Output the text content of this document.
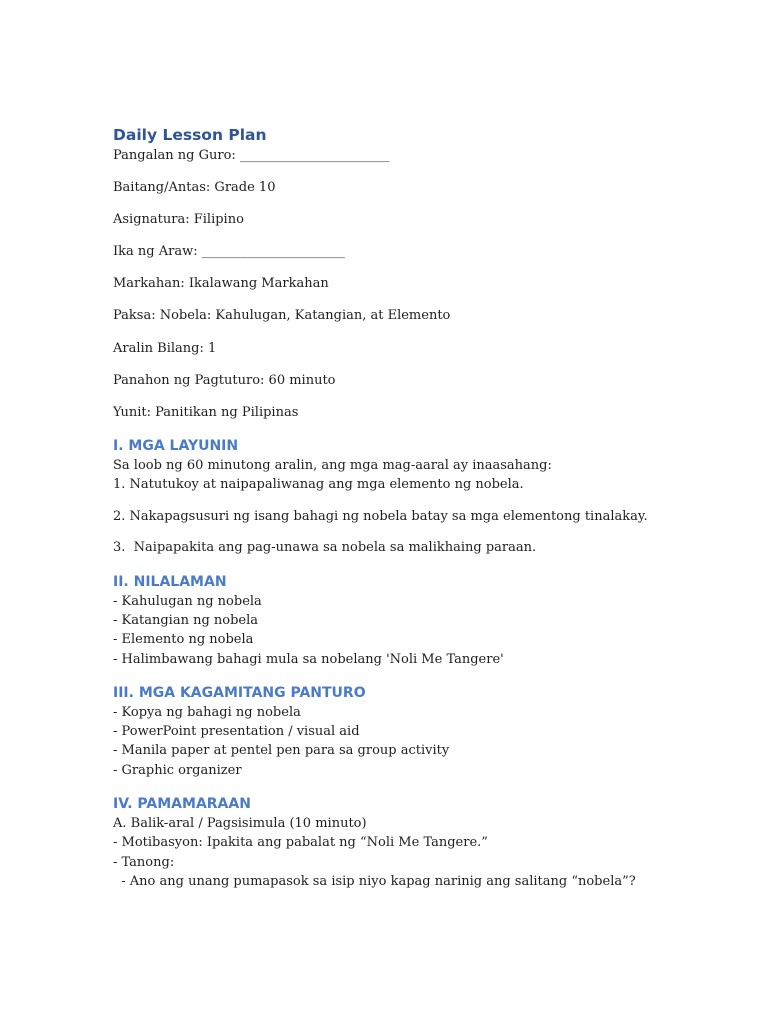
Daily Lesson Plan

Pangalan ng Guro: _______________________

Baitang/Antas: Grade 10

Asignatura: Filipino

Ika ng Araw: ______________________

Markahan: Ikalawang Markahan

Paksa: Nobela: Kahulugan, Katangian, at Elemento

Aralin Bilang: 1

Panahon ng Pagtuturo: 60 minuto

Yunit: Panitikan ng Pilipinas

I. MGA LAYUNIN

Sa loob ng 60 minutong aralin, ang mga mag-aaral ay inaasahang:

1. Natutukoy at naipapaliwanag ang mga elemento ng nobela.

2. Nakapagsusuri ng isang bahagi ng nobela batay sa mga elementong tinalakay.

3.  Naipapakita ang pag-unawa sa nobela sa malikhaing paraan.

II. NILALAMAN

- Kahulugan ng nobela

- Katangian ng nobela

- Elemento ng nobela

- Halimbawang bahagi mula sa nobelang 'Noli Me Tangere'

III. MGA KAGAMITANG PANTURO

- Kopya ng bahagi ng nobela

- PowerPoint presentation / visual aid

- Manila paper at pentel pen para sa group activity

- Graphic organizer

IV. PAMAMARAAN

A. Balik-aral / Pagsisimula (10 minuto)

- Motibasyon: Ipakita ang pabalat ng “Noli Me Tangere.”

- Tanong:

- Ano ang unang pumapasok sa isip niyo kapag narinig ang salitang “nobela”?
